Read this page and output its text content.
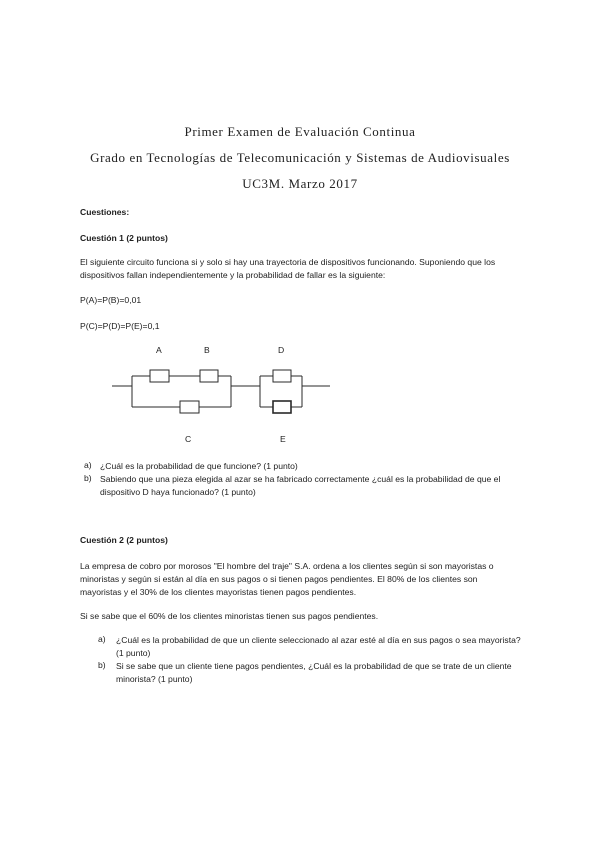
Primer Examen de Evaluación Continua
Grado en Tecnologías de Telecomunicación y Sistemas de Audiovisuales
UC3M. Marzo 2017
Cuestiones:
Cuestión 1 (2 puntos)
El siguiente circuito funciona si y solo si hay una trayectoria de dispositivos funcionando. Suponiendo que los dispositivos fallan independientemente y la probabilidad de fallar es la siguiente:
P(A)=P(B)=0,01
P(C)=P(D)=P(E)=0,1
A	B	D
C	E
a) ¿Cuál es la probabilidad de que funcione? (1 punto)
b) Sabiendo que una pieza elegida al azar se ha fabricado correctamente ¿cuál es la probabilidad de que el dispositivo D haya funcionado? (1 punto)
Cuestión 2 (2 puntos)
La empresa de cobro por morosos "El hombre del traje" S.A. ordena a los clientes según si son mayoristas o minoristas y según si están al día en sus pagos o si tienen pagos pendientes. El 80% de los clientes son mayoristas y el 30% de los clientes mayoristas tienen pagos pendientes.
Si se sabe que el 60% de los clientes minoristas tienen sus pagos pendientes.
a) ¿Cuál es la probabilidad de que un cliente seleccionado al azar esté al día en sus pagos o sea mayorista? (1 punto)
b) Si se sabe que un cliente tiene pagos pendientes, ¿Cuál es la probabilidad de que se trate de un cliente minorista? (1 punto)
